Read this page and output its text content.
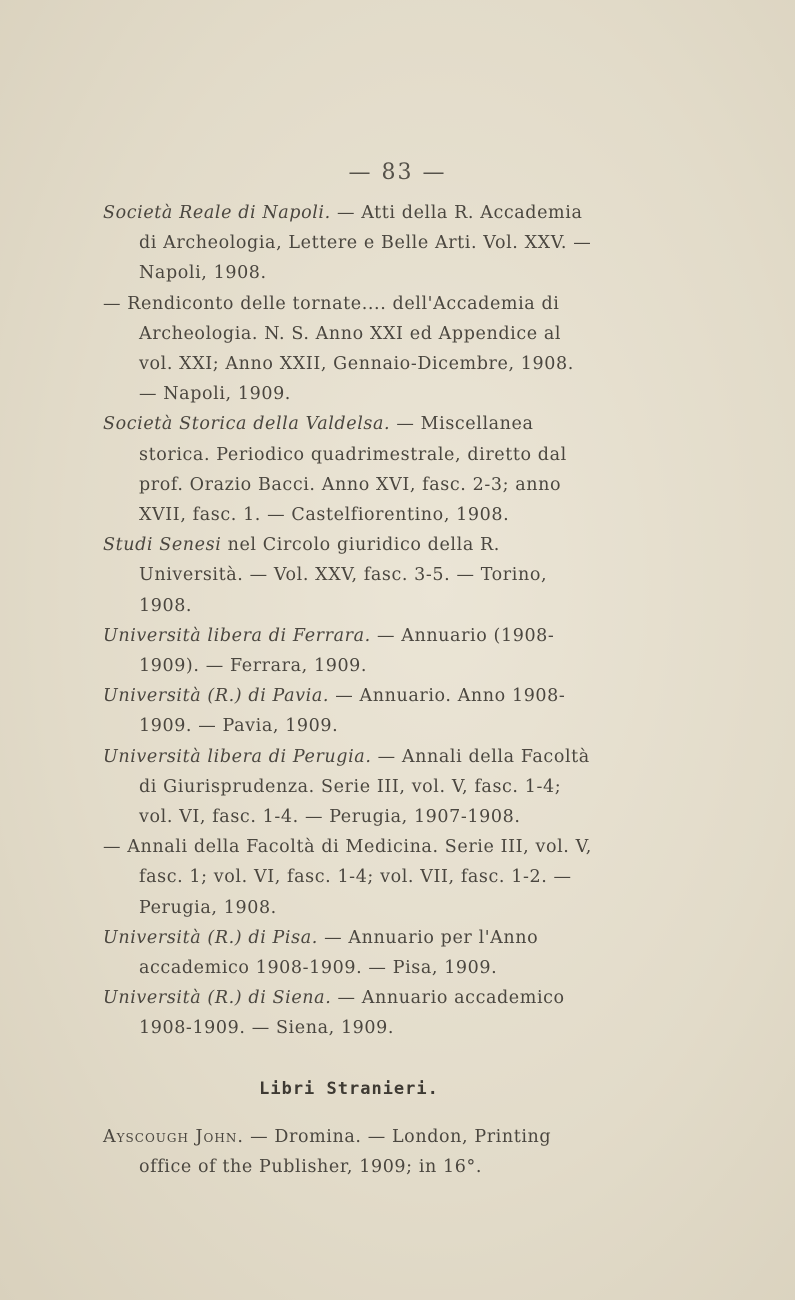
— 83 —

Società Reale di Napoli. — Atti della R. Accademia di Archeologia, Lettere e Belle Arti. Vol. XXV. — Napoli, 1908.

— Rendiconto delle tornate.... dell'Accademia di Archeologia. N. S. Anno XXI ed Appendice al vol. XXI; Anno XXII, Gennaio-Dicembre, 1908. — Napoli, 1909.

Società Storica della Valdelsa. — Miscellanea storica. Periodico quadrimestrale, diretto dal prof. Orazio Bacci. Anno XVI, fasc. 2-3; anno XVII, fasc. 1. — Castelfiorentino, 1908.

Studi Senesi nel Circolo giuridico della R. Università. — Vol. XXV, fasc. 3-5. — Torino, 1908.

Università libera di Ferrara. — Annuario (1908-1909). — Ferrara, 1909.

Università (R.) di Pavia. — Annuario. Anno 1908-1909. — Pavia, 1909.

Università libera di Perugia. — Annali della Facoltà di Giurisprudenza. Serie III, vol. V, fasc. 1-4; vol. VI, fasc. 1-4. — Perugia, 1907-1908.

— Annali della Facoltà di Medicina. Serie III, vol. V, fasc. 1; vol. VI, fasc. 1-4; vol. VII, fasc. 1-2. — Perugia, 1908.

Università (R.) di Pisa. — Annuario per l'Anno accademico 1908-1909. — Pisa, 1909.

Università (R.) di Siena. — Annuario accademico 1908-1909. — Siena, 1909.

Libri Stranieri.

Ayscough John. — Dromina. — London, Printing office of the Publisher, 1909; in 16°.
